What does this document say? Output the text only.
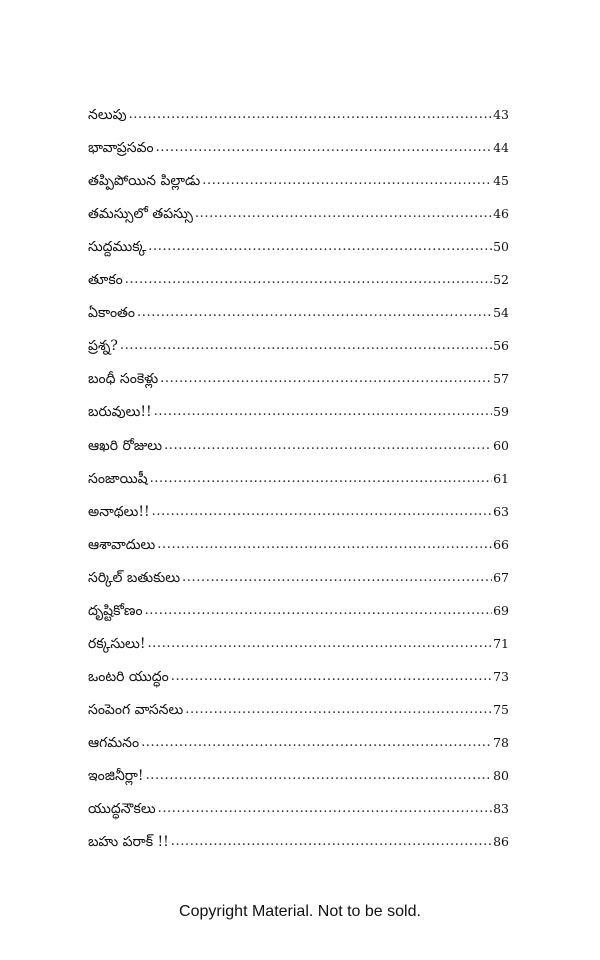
నలుపు .....	43
భావాప్రసవం .....	44
తప్పిపోయిన పిల్లాడు .....	45
తమస్సులో తపస్సు .....	46
సుద్దముక్క .....	50
తూకం .....	52
ఏకాంతం .....	54
ప్రశ్న? .....	56
బంధీ సంకెళ్లు .....	57
బరువులు!! .....	59
ఆఖరి రోజులు .....	60
సంజాయిషీ .....	61
అనాథలు!! .....	63
ఆశావాదులు .....	66
సర్కిల్ బతుకులు .....	67
దృష్టికోణం .....	69
రక్కసులు! .....	71
ఒంటరి యుద్ధం .....	73
సంపెంగ వాసనలు .....	75
ఆగమనం .....	78
ఇంజినీర్లా! .....	80
యుద్ధనౌకలు .....	83
బహు పరాక్ !! .....	86
Copyright Material. Not to be sold.
